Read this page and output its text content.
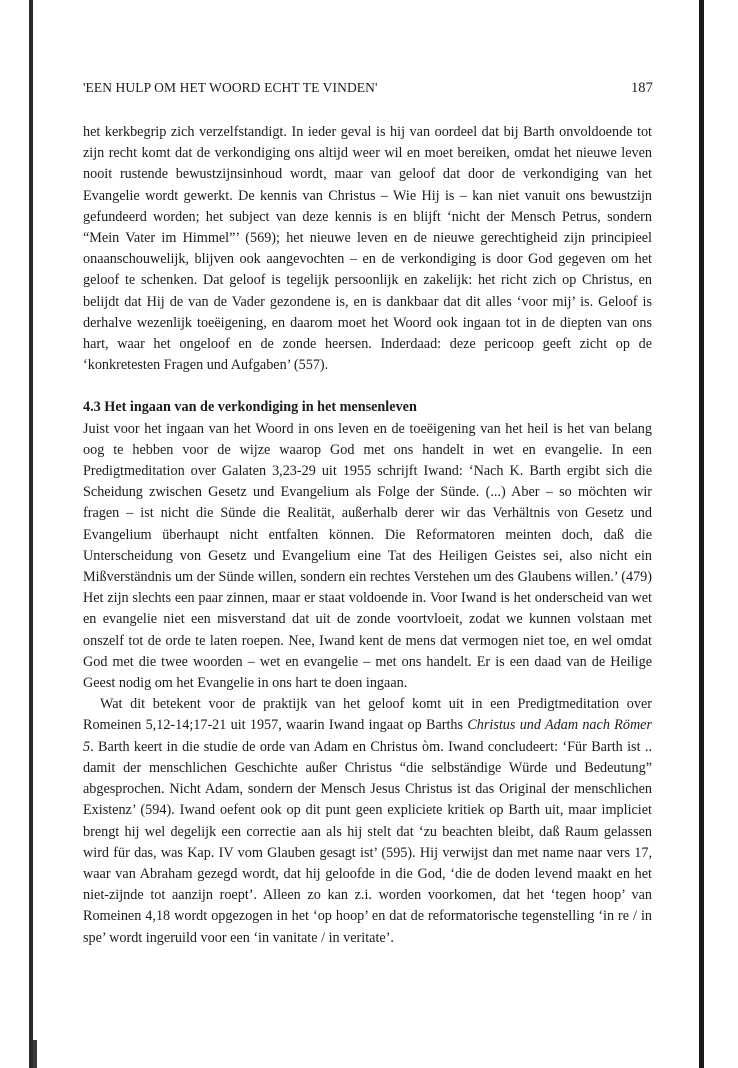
'EEN HULP OM HET WOORD ECHT TE VINDEN'	187

het kerkbegrip zich verzelfstandigt. In ieder geval is hij van oordeel dat bij Barth onvoldoende tot zijn recht komt dat de verkondiging ons altijd weer wil en moet bereiken, omdat het nieuwe leven nooit rustende bewustzijnsinhoud wordt, maar van geloof dat door de verkondiging van het Evangelie wordt gewerkt. De kennis van Christus – Wie Hij is – kan niet vanuit ons bewustzijn gefundeerd worden; het subject van deze kennis is en blijft ‘nicht der Mensch Petrus, sondern “Mein Vater im Himmel”’ (569); het nieuwe leven en de nieuwe gerechtigheid zijn principieel onaanschouwelijk, blijven ook aangevochten – en de verkondiging is door God gegeven om het geloof te schenken. Dat geloof is tegelijk persoonlijk en zakelijk: het richt zich op Christus, en belijdt dat Hij de van de Vader gezondene is, en is dankbaar dat dit alles ‘voor mij’ is. Geloof is derhalve wezenlijk toeëigening, en daarom moet het Woord ook ingaan tot in de diepten van ons hart, waar het ongeloof en de zonde heersen. Inderdaad: deze pericoop geeft zicht op de ‘konkretesten Fragen und Aufgaben’ (557).

4.3 Het ingaan van de verkondiging in het mensenleven

Juist voor het ingaan van het Woord in ons leven en de toeëigening van het heil is het van belang oog te hebben voor de wijze waarop God met ons handelt in wet en evangelie. In een Predigtmeditation over Galaten 3,23-29 uit 1955 schrijft Iwand: ‘Nach K. Barth ergibt sich die Scheidung zwischen Gesetz und Evangelium als Folge der Sünde. (...) Aber – so möchten wir fragen – ist nicht die Sünde die Realität, außerhalb derer wir das Verhältnis von Gesetz und Evangelium überhaupt nicht entfalten können. Die Reformatoren meinten doch, daß die Unterscheidung von Gesetz und Evangelium eine Tat des Heiligen Geistes sei, also nicht ein Mißverständnis um der Sünde willen, sondern ein rechtes Verstehen um des Glaubens willen.’ (479) Het zijn slechts een paar zinnen, maar er staat voldoende in. Voor Iwand is het onderscheid van wet en evangelie niet een misverstand dat uit de zonde voortvloeit, zodat we kunnen volstaan met onszelf tot de orde te laten roepen. Nee, Iwand kent de mens dat vermogen niet toe, en wel omdat God met die twee woorden – wet en evangelie – met ons handelt. Er is een daad van de Heilige Geest nodig om het Evangelie in ons hart te doen ingaan.

Wat dit betekent voor de praktijk van het geloof komt uit in een Predigtmeditation over Romeinen 5,12-14;17-21 uit 1957, waarin Iwand ingaat op Barths Christus und Adam nach Römer 5. Barth keert in die studie de orde van Adam en Christus òm. Iwand concludeert: ‘Für Barth ist .. damit der menschlichen Geschichte außer Christus “die selbständige Würde und Bedeutung” abgesprochen. Nicht Adam, sondern der Mensch Jesus Christus ist das Original der menschlichen Existenz’ (594). Iwand oefent ook op dit punt geen expliciete kritiek op Barth uit, maar impliciet brengt hij wel degelijk een correctie aan als hij stelt dat ‘zu beachten bleibt, daß Raum gelassen wird für das, was Kap. IV vom Glauben gesagt ist’ (595). Hij verwijst dan met name naar vers 17, waar van Abraham gezegd wordt, dat hij geloofde in die God, ‘die de doden levend maakt en het niet-zijnde tot aanzijn roept’. Alleen zo kan z.i. worden voorkomen, dat het ‘tegen hoop’ van Romeinen 4,18 wordt opgezogen in het ‘op hoop’ en dat de reformatorische tegenstelling ‘in re / in spe’ wordt ingeruild voor een ‘in vanitate / in veritate’.
